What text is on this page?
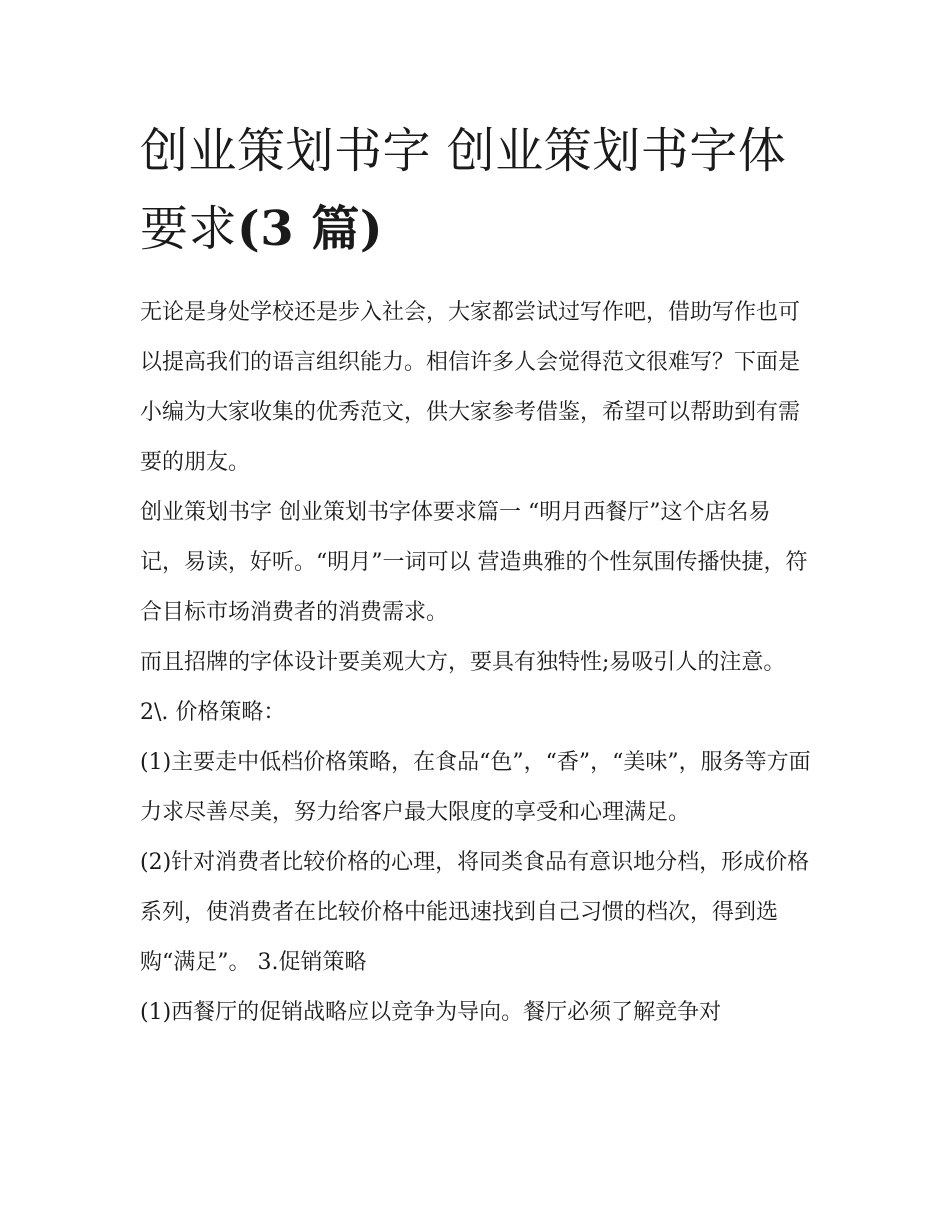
创业策划书字 创业策划书字体要求(3 篇)

无论是身处学校还是步入社会，大家都尝试过写作吧，借助写作也可以提高我们的语言组织能力。相信许多人会觉得范文很难写？下面是小编为大家收集的优秀范文，供大家参考借鉴，希望可以帮助到有需要的朋友。

创业策划书字 创业策划书字体要求篇一 “明月西餐厅”这个店名易记，易读，好听。“明月”一词可以 营造典雅的个性氛围传播快捷，符合目标市场消费者的消费需求。

而且招牌的字体设计要美观大方，要具有独特性;易吸引人的注意。 2\. 价格策略：

(1)主要走中低档价格策略，在食品“色”，“香”，“美味”，服务等方面力求尽善尽美，努力给客户最大限度的享受和心理满足。

(2)针对消费者比较价格的心理，将同类食品有意识地分档，形成价格系列，使消费者在比较价格中能迅速找到自己习惯的档次，得到选购“满足”。 3.促销策略

(1)西餐厅的促销战略应以竞争为导向。餐厅必须了解竞争对
